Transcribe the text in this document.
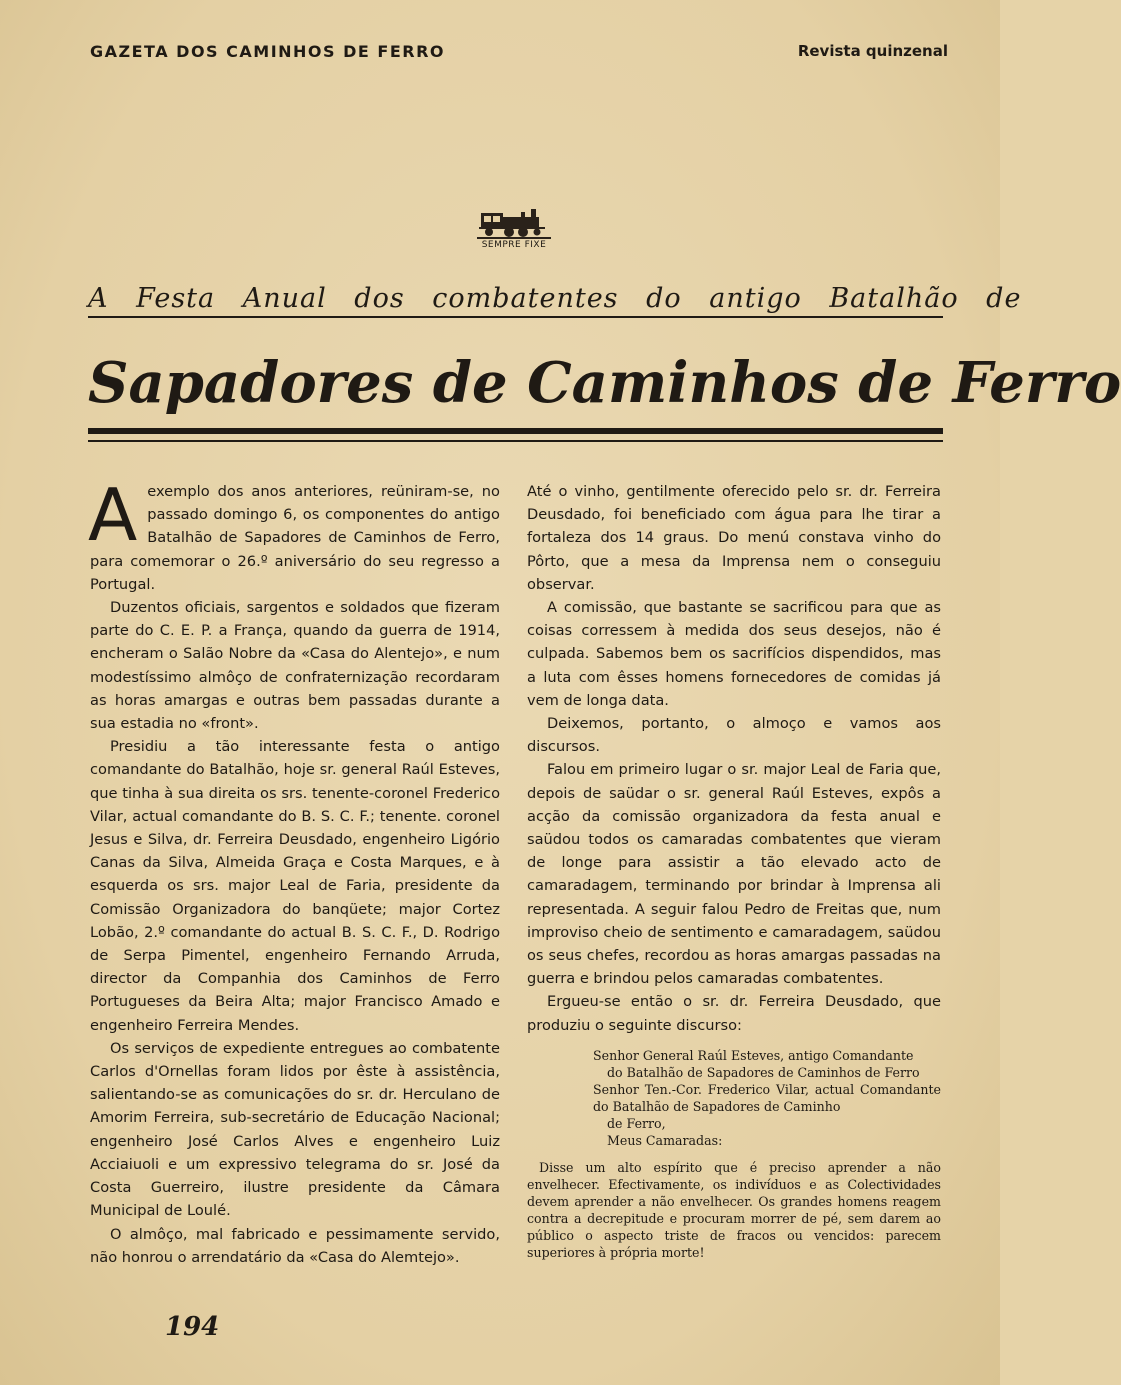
GAZETA DOS CAMINHOS DE FERRO	Revista quinzenal
SEMPRE FIXE
A Festa Anual dos combatentes do antigo Batalhão de
Sapadores de Caminhos de Ferro

Aexemplo dos anos anteriores, reüniram-se, no passado domingo 6, os componentes do antigo Batalhão de Sapadores de Caminhos de Ferro, para comemorar o 26.º aniversário do seu regresso a Portugal.

Duzentos oficiais, sargentos e soldados que fizeram parte do C. E. P. a França, quando da guerra de 1914, encheram o Salão Nobre da «Casa do Alentejo», e num modestíssimo almôço de confraternização recordaram as horas amargas e outras bem passadas durante a sua estadia no «front».

Presidiu a tão interessante festa o antigo comandante do Batalhão, hoje sr. general Raúl Esteves, que tinha à sua direita os srs. tenente-coronel Frederico Vilar, actual comandante do B. S. C. F.; tenente. coronel Jesus e Silva, dr. Ferreira Deusdado, engenheiro Ligório Canas da Silva, Almeida Graça e Costa Marques, e à esquerda os srs. major Leal de Faria, presidente da Comissão Organizadora do banqüete; major Cortez Lobão, 2.º comandante do actual B. S. C. F., D. Rodrigo de Serpa Pimentel, engenheiro Fernando Arruda, director da Companhia dos Caminhos de Ferro Portugueses da Beira Alta; major Francisco Amado e engenheiro Ferreira Mendes.

Os serviços de expediente entregues ao combatente Carlos d'Ornellas foram lidos por êste à assistência, salientando-se as comunicações do sr. dr. Herculano de Amorim Ferreira, sub-secretário de Educação Nacional; engenheiro José Carlos Alves e engenheiro Luiz Acciaiuoli e um expressivo telegrama do sr. José da Costa Guerreiro, ilustre presidente da Câmara Municipal de Loulé.

O almôço, mal fabricado e pessimamente servido, não honrou o arrendatário da «Casa do Alemtejo».

Até o vinho, gentilmente oferecido pelo sr. dr. Ferreira Deusdado, foi beneficiado com água para lhe tirar a fortaleza dos 14 graus. Do menú constava vinho do Pôrto, que a mesa da Imprensa nem o conseguiu observar.

A comissão, que bastante se sacrificou para que as coisas corressem à medida dos seus desejos, não é culpada. Sabemos bem os sacrifícios dispendidos, mas a luta com êsses homens fornecedores de comidas já vem de longa data.

Deixemos, portanto, o almoço e vamos aos discursos.

Falou em primeiro lugar o sr. major Leal de Faria que, depois de saüdar o sr. general Raúl Esteves, expôs a acção da comissão organizadora da festa anual e saüdou todos os camaradas combatentes que vieram de longe para assistir a tão elevado acto de camaradagem, terminando por brindar à Imprensa ali representada. A seguir falou Pedro de Freitas que, num improviso cheio de sentimento e camaradagem, saüdou os seus chefes, recordou as horas amargas passadas na guerra e brindou pelos camaradas combatentes.

Ergueu-se então o sr. dr. Ferreira Deusdado, que produziu o seguinte discurso:

Senhor General Raúl Esteves, antigo Comandante
do Batalhão de Sapadores de Caminhos de Ferro
Senhor Ten.-Cor. Frederico Vilar, actual Comandante do Batalhão de Sapadores de Caminho
de Ferro,
Meus Camaradas:
Disse um alto espírito que é preciso aprender a não envelhecer. Efectivamente, os indivíduos e as Colectividades devem aprender a não envelhecer. Os grandes homens reagem contra a decrepitude e procuram morrer de pé, sem darem ao público o aspecto triste de fracos ou vencidos: parecem superiores à própria morte!
194
